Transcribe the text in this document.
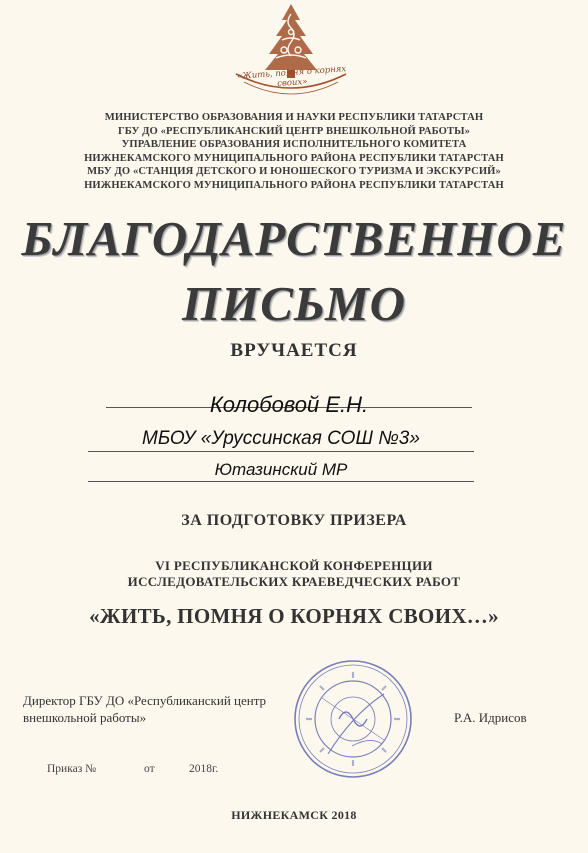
«Жить, помня о корнях своих»
МИНИСТЕРСТВО ОБРАЗОВАНИЯ И НАУКИ РЕСПУБЛИКИ ТАТАРСТАН
ГБУ ДО «РЕСПУБЛИКАНСКИЙ ЦЕНТР ВНЕШКОЛЬНОЙ РАБОТЫ»
УПРАВЛЕНИЕ ОБРАЗОВАНИЯ ИСПОЛНИТЕЛЬНОГО КОМИТЕТА
НИЖНЕКАМСКОГО МУНИЦИПАЛЬНОГО РАЙОНА РЕСПУБЛИКИ ТАТАРСТАН
МБУ ДО «СТАНЦИЯ ДЕТСКОГО И ЮНОШЕСКОГО ТУРИЗМА И ЭКСКУРСИЙ»
НИЖНЕКАМСКОГО МУНИЦИПАЛЬНОГО РАЙОНА РЕСПУБЛИКИ ТАТАРСТАН
БЛАГОДАРСТВЕННОЕ
ПИСЬМО
ВРУЧАЕТСЯ
Колобовой Е.Н.
МБОУ «Уруссинская СОШ №3»
Ютазинский МР
ЗА ПОДГОТОВКУ ПРИЗЕРА
VI РЕСПУБЛИКАНСКОЙ КОНФЕРЕНЦИИ
ИССЛЕДОВАТЕЛЬСКИХ КРАЕВЕДЧЕСКИХ РАБОТ
«ЖИТЬ, ПОМНЯ О КОРНЯХ СВОИХ…»
Директор ГБУ ДО «Республиканский центр
внешкольной работы»	Р.А. Идрисов
Приказ №	от	2018г.
НИЖНЕКАМСК 2018
